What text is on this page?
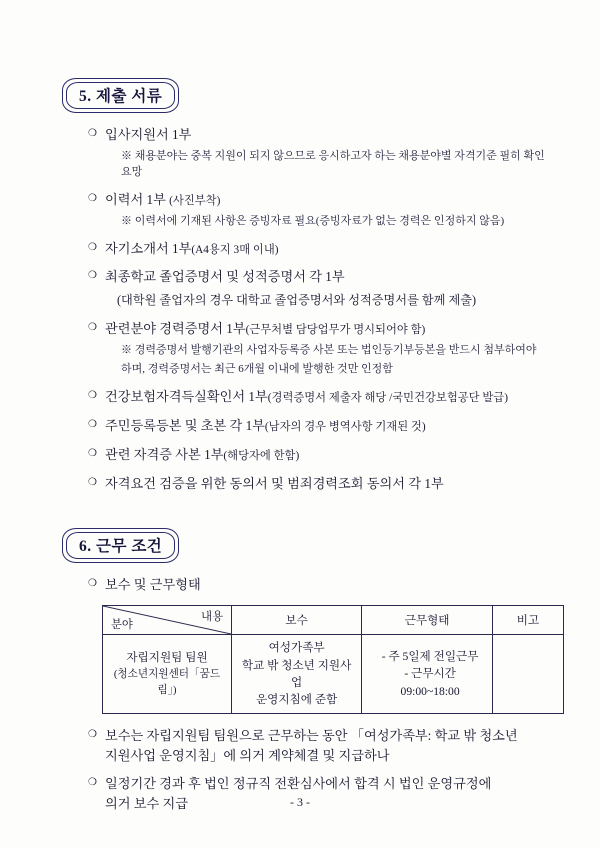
5. 제출 서류
❍ 입사지원서 1부
※ 채용분야는 중복 지원이 되지 않으므로 응시하고자 하는 채용분야별 자격기준 필히 확인요망
❍ 이력서 1부 (사진부착)
※ 이력서에 기재된 사항은 증빙자료 필요(증빙자료가 없는 경력은 인정하지 않음)
❍ 자기소개서 1부(A4용지 3매 이내)
❍ 최종학교 졸업증명서 및 성적증명서 각 1부
(대학원 졸업자의 경우 대학교 졸업증명서와 성적증명서를 함께 제출)
❍ 관련분야 경력증명서 1부(근무처별 담당업무가 명시되어야 함)
※ 경력증명서 발행기관의 사업자등록증 사본 또는 법인등기부등본을 반드시 첨부하여야
하며, 경력증명서는 최근 6개월 이내에 발행한 것만 인정함
❍ 건강보험자격득실확인서 1부(경력증명서 제출자 해당 /국민건강보험공단 발급)
❍ 주민등록등본 및 초본 각 1부(남자의 경우 병역사항 기재된 것)
❍ 관련 자격증 사본 1부(해당자에 한함)
❍ 자격요건 검증을 위한 동의서 및 범죄경력조회 동의서 각 1부
6. 근무 조건
❍ 보수 및 근무형태
내용
분야	보수	근무형태	비고

자립지원팀 팀원
(청소년지원센터「꿈드림」)

여성가족부
학교 밖 청소년 지원사업
운영지침에 준함

- 주 5일제 전일근무
- 근무시간 09:00~18:00

❍ 보수는 자립지원팀 팀원으로 근무하는 동안 「여성가족부: 학교 밖 청소년
지원사업 운영지침」에 의거 계약체결 및 지급하나
❍ 일정기간 경과 후 법인 정규직 전환심사에서 합격 시 법인 운영규정에
의거 보수 지급	- 3 -
